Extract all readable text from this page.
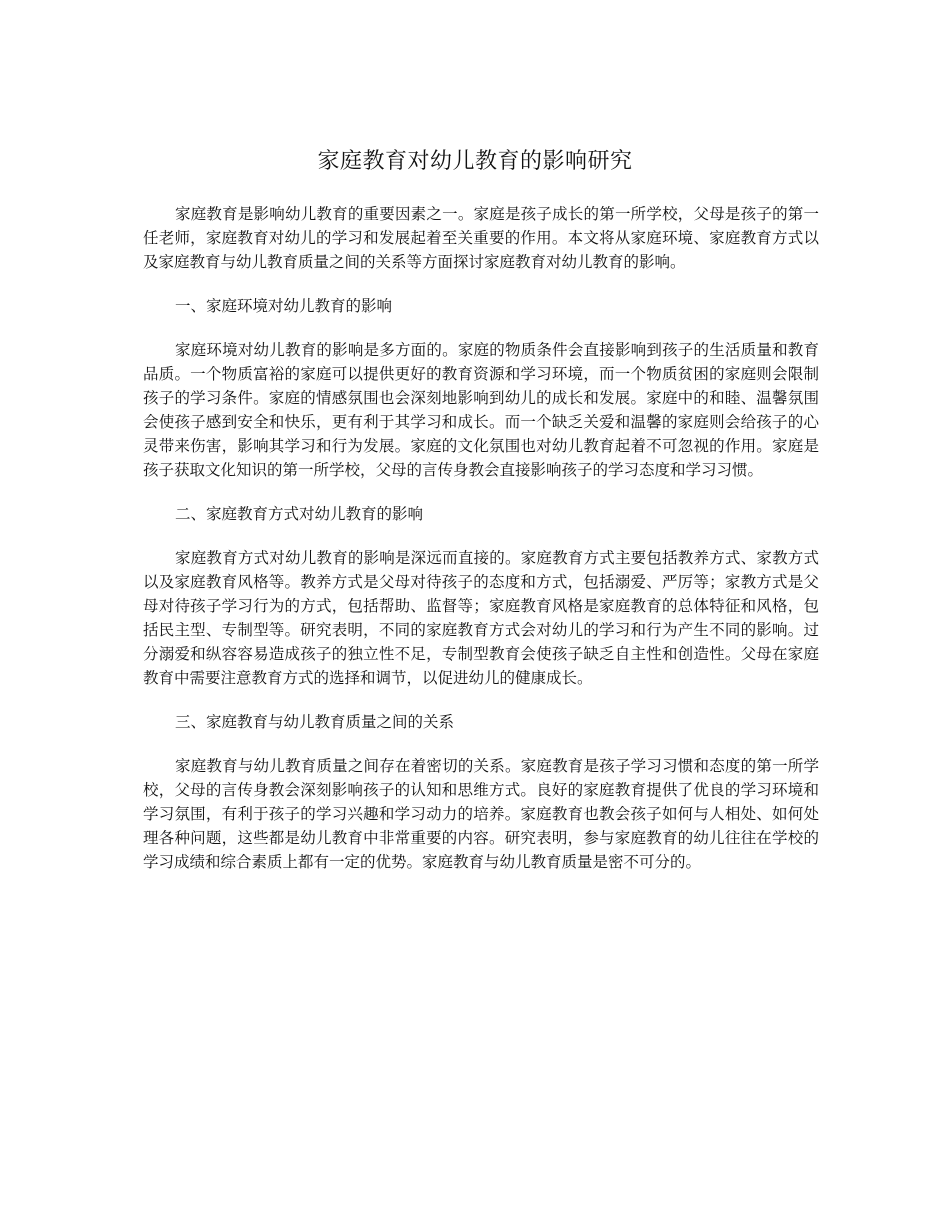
家庭教育对幼儿教育的影响研究

家庭教育是影响幼儿教育的重要因素之一。家庭是孩子成长的第一所学校，父母是孩子的第一任老师，家庭教育对幼儿的学习和发展起着至关重要的作用。本文将从家庭环境、家庭教育方式以及家庭教育与幼儿教育质量之间的关系等方面探讨家庭教育对幼儿教育的影响。

一、家庭环境对幼儿教育的影响

家庭环境对幼儿教育的影响是多方面的。家庭的物质条件会直接影响到孩子的生活质量和教育品质。一个物质富裕的家庭可以提供更好的教育资源和学习环境，而一个物质贫困的家庭则会限制孩子的学习条件。家庭的情感氛围也会深刻地影响到幼儿的成长和发展。家庭中的和睦、温馨氛围会使孩子感到安全和快乐，更有利于其学习和成长。而一个缺乏关爱和温馨的家庭则会给孩子的心灵带来伤害，影响其学习和行为发展。家庭的文化氛围也对幼儿教育起着不可忽视的作用。家庭是孩子获取文化知识的第一所学校，父母的言传身教会直接影响孩子的学习态度和学习习惯。

二、家庭教育方式对幼儿教育的影响

家庭教育方式对幼儿教育的影响是深远而直接的。家庭教育方式主要包括教养方式、家教方式以及家庭教育风格等。教养方式是父母对待孩子的态度和方式，包括溺爱、严厉等；家教方式是父母对待孩子学习行为的方式，包括帮助、监督等；家庭教育风格是家庭教育的总体特征和风格，包括民主型、专制型等。研究表明，不同的家庭教育方式会对幼儿的学习和行为产生不同的影响。过分溺爱和纵容容易造成孩子的独立性不足，专制型教育会使孩子缺乏自主性和创造性。父母在家庭教育中需要注意教育方式的选择和调节，以促进幼儿的健康成长。

三、家庭教育与幼儿教育质量之间的关系

家庭教育与幼儿教育质量之间存在着密切的关系。家庭教育是孩子学习习惯和态度的第一所学校，父母的言传身教会深刻影响孩子的认知和思维方式。良好的家庭教育提供了优良的学习环境和学习氛围，有利于孩子的学习兴趣和学习动力的培养。家庭教育也教会孩子如何与人相处、如何处理各种问题，这些都是幼儿教育中非常重要的内容。研究表明，参与家庭教育的幼儿往往在学校的学习成绩和综合素质上都有一定的优势。家庭教育与幼儿教育质量是密不可分的。
